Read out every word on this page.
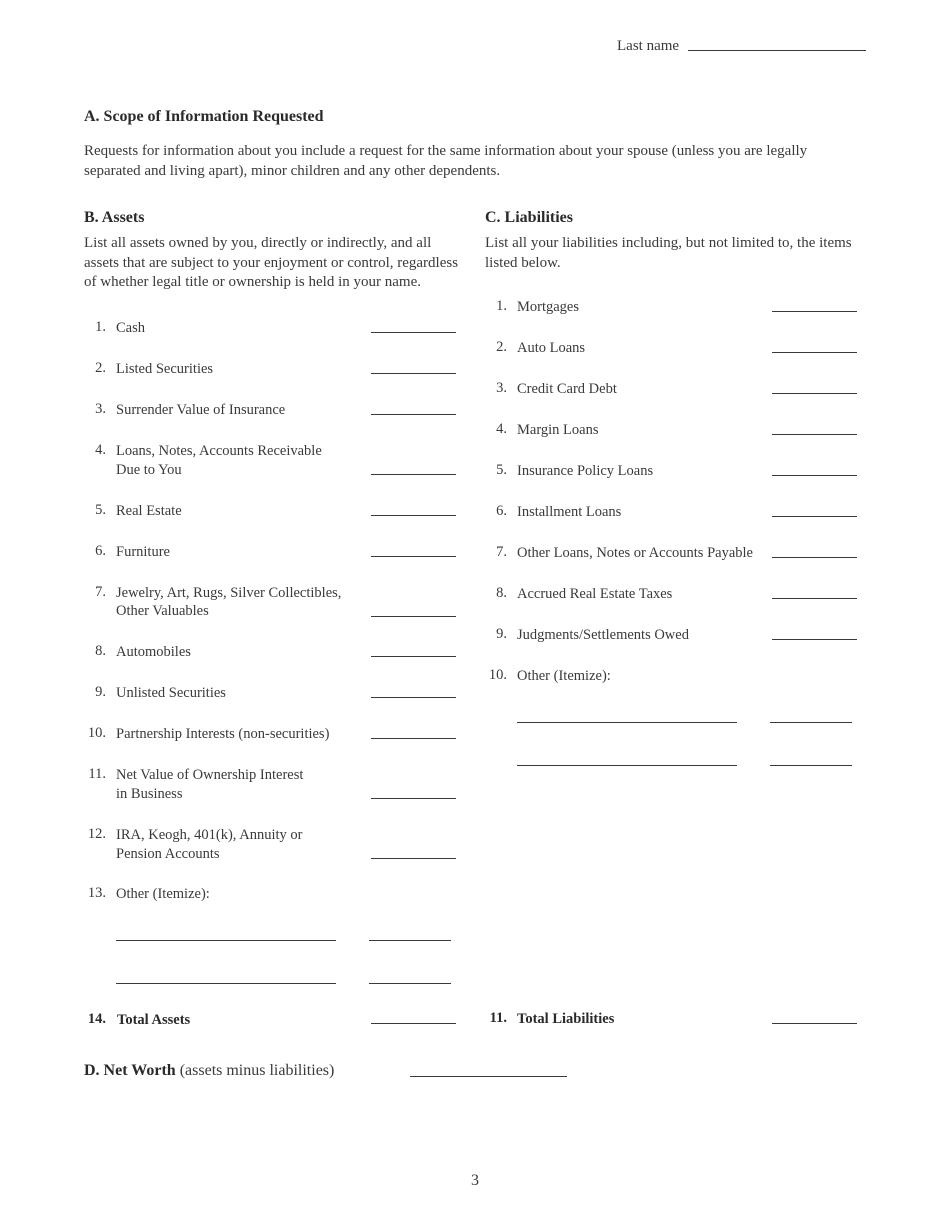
Last name
A. Scope of Information Requested
Requests for information about you include a request for the same information about your spouse (unless you are legally separated and living apart), minor children and any other dependents.
B. Assets
List all assets owned by you, directly or indirectly, and all assets that are subject to your enjoyment or control, regardless of whether legal title or ownership is held in your name.
1. Cash
2. Listed Securities
3. Surrender Value of Insurance
4. Loans, Notes, Accounts Receivable
Due to You
5. Real Estate
6. Furniture
7. Jewelry, Art, Rugs, Silver Collectibles,
Other Valuables
8. Automobiles
9. Unlisted Securities
10. Partnership Interests (non-securities)
11. Net Value of Ownership Interest
in Business
12. IRA, Keogh, 401(k), Annuity or
Pension Accounts
13. Other (Itemize):
14. Total Assets
C. Liabilities
List all your liabilities including, but not limited to, the items listed below.
1. Mortgages
2. Auto Loans
3. Credit Card Debt
4. Margin Loans
5. Insurance Policy Loans
6. Installment Loans
7. Other Loans, Notes or Accounts Payable
8. Accrued Real Estate Taxes
9. Judgments/Settlements Owed
10. Other (Itemize):
11. Total Liabilities
D. Net Worth (assets minus liabilities)
3
